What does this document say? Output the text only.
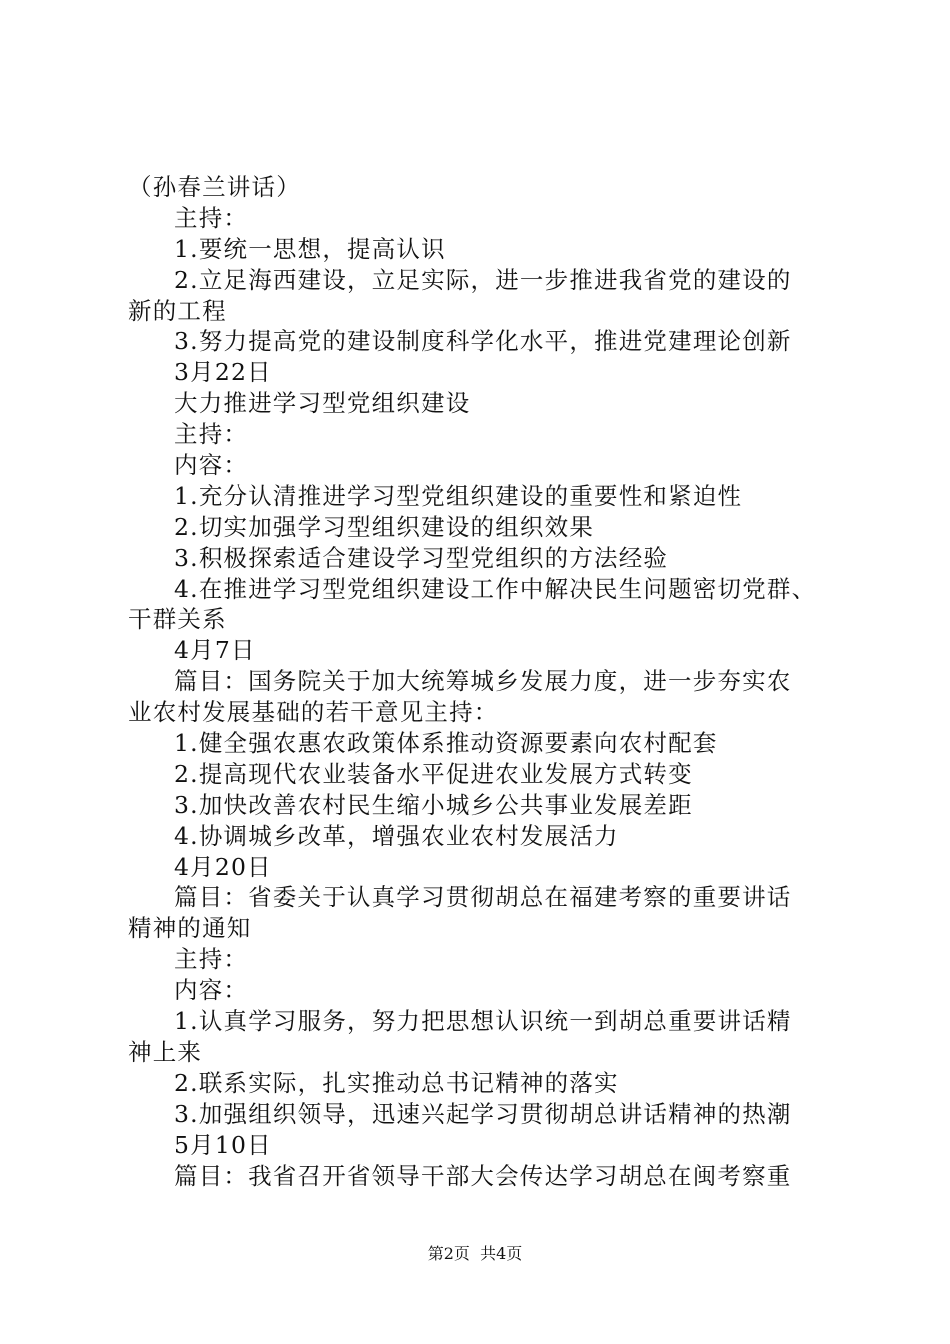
（孙春兰讲话）
主持：
1.要统一思想，提高认识
2.立足海西建设，立足实际，进一步推进我省党的建设的
新的工程
3.努力提高党的建设制度科学化水平，推进党建理论创新
3月22日
大力推进学习型党组织建设
主持：
内容：
1.充分认清推进学习型党组织建设的重要性和紧迫性
2.切实加强学习型组织建设的组织效果
3.积极探索适合建设学习型党组织的方法经验
4.在推进学习型党组织建设工作中解决民生问题密切党群、
干群关系
4月7日
篇目：国务院关于加大统筹城乡发展力度，进一步夯实农
业农村发展基础的若干意见主持：
1.健全强农惠农政策体系推动资源要素向农村配套
2.提高现代农业装备水平促进农业发展方式转变
3.加快改善农村民生缩小城乡公共事业发展差距
4.协调城乡改革，增强农业农村发展活力
4月20日
篇目：省委关于认真学习贯彻胡总在福建考察的重要讲话
精神的通知
主持：
内容：
1.认真学习服务，努力把思想认识统一到胡总重要讲话精
神上来
2.联系实际，扎实推动总书记精神的落实
3.加强组织领导，迅速兴起学习贯彻胡总讲话精神的热潮
5月10日
篇目：我省召开省领导干部大会传达学习胡总在闽考察重
第2页  共4页
